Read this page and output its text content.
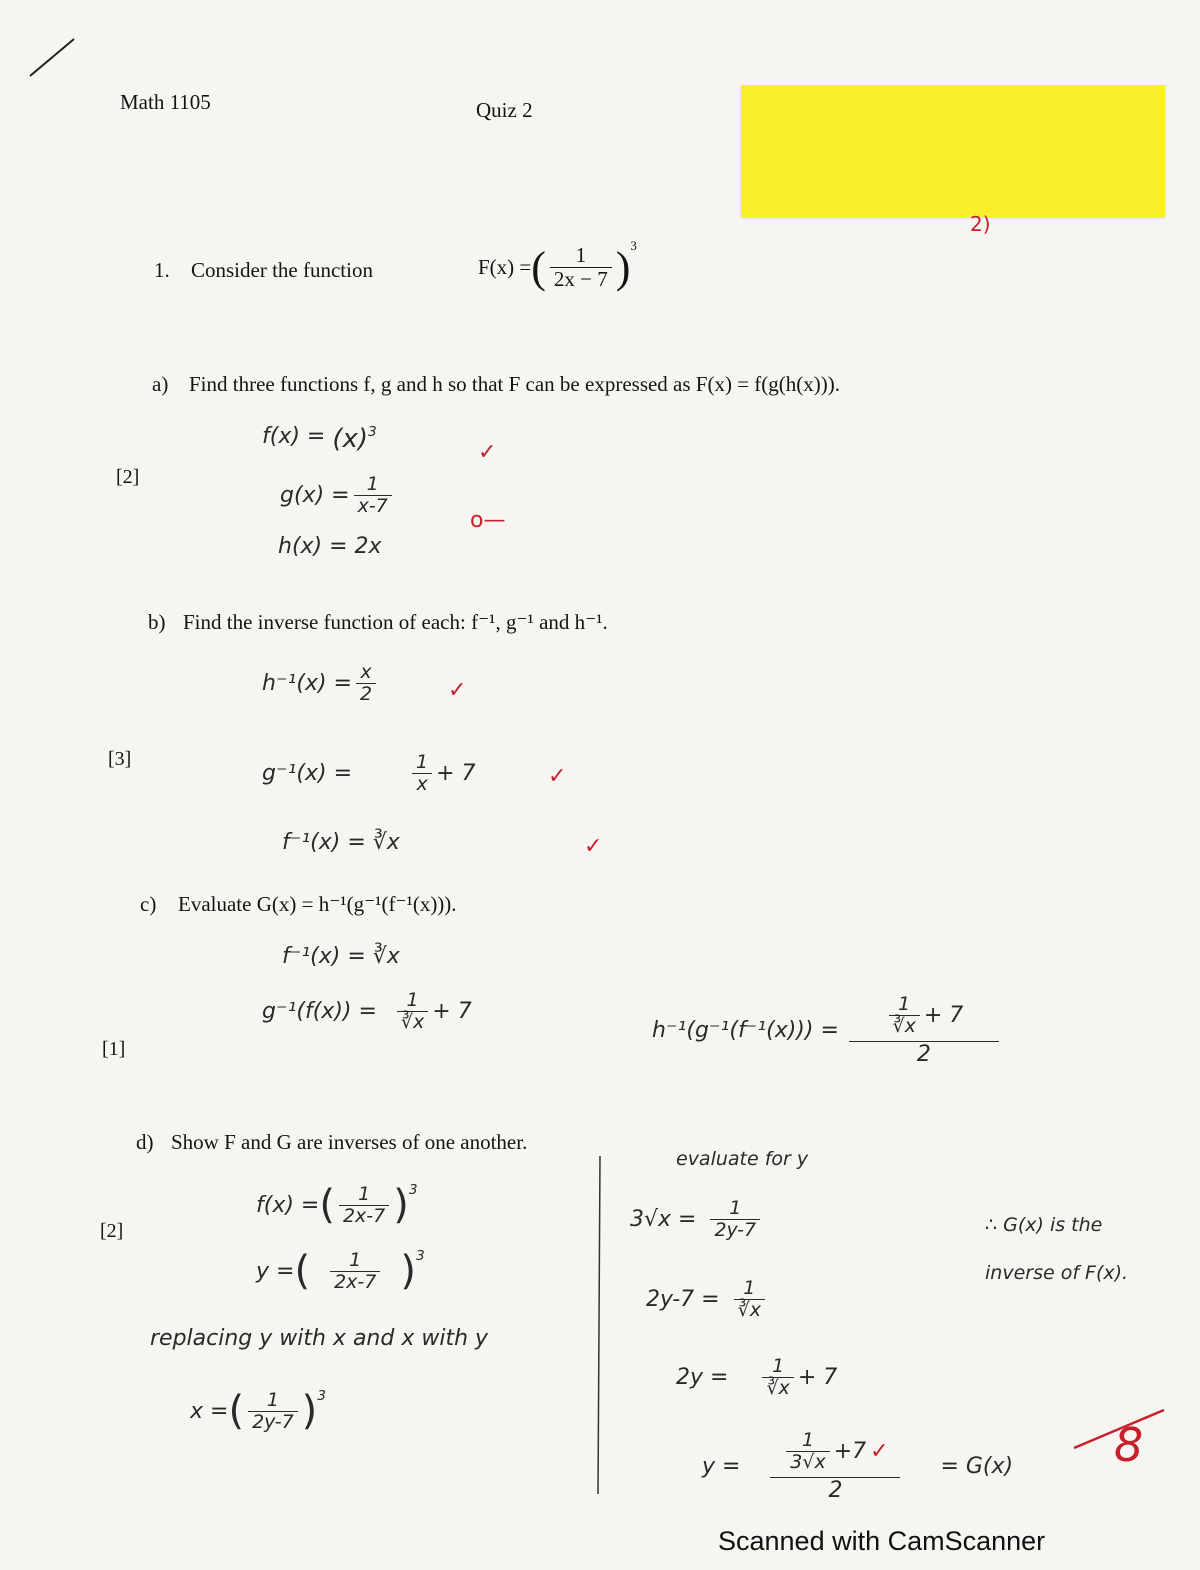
Math 1105	Quiz 2
2)
1. Consider the function	F(x) = ( $\frac{1}{2x - 7}$ ) 3
a) Find three functions f, g and h so that F can be expressed as F(x) = f(g(h(x))).
[2]
f(x) =
(x) 3
✓
$g(x) = \frac{1}{x-7}$
h(x) = 2x
o—
b) Find the inverse function of each: f⁻¹, g⁻¹ and h⁻¹.
[3]
$h^{-1}(x) = \frac{x}{2}$	✓
g⁻¹(x) =	$\frac{1}{x} + 7$	✓
f⁻¹(x) = ∛x	✓
c) Evaluate G(x) = h⁻¹(g⁻¹(f⁻¹(x))).
[1]
f⁻¹(x) = ∛x
$g^{-1}(f(x)) = \frac{1}{∛x} + 7$
$h^{-1}(g^{-1}(f^{-1}(x))) = \frac{\frac{1}{∛x} + 7}{2}$
d) Show F and G are inverses of one another.
[2]
f(x) = ( $\frac{1}{2x-7}$ ) 3
y = ( $\frac{1}{2x-7}$ ) 3
replacing y with x and x with y
x = ( $\frac{1}{2y-7}$ ) 3
evaluate for y
$3√x = \frac{1}{2y-7}$
$2y-7 = \frac{1}{∛x}$
$2y = \frac{1}{∛x} + 7$
$y = \frac{\frac{1}{3√x} +7 ✓}{2} = G(x)$
∴ G(x) is the
inverse of F(x).
8
Scanned with CamScanner
